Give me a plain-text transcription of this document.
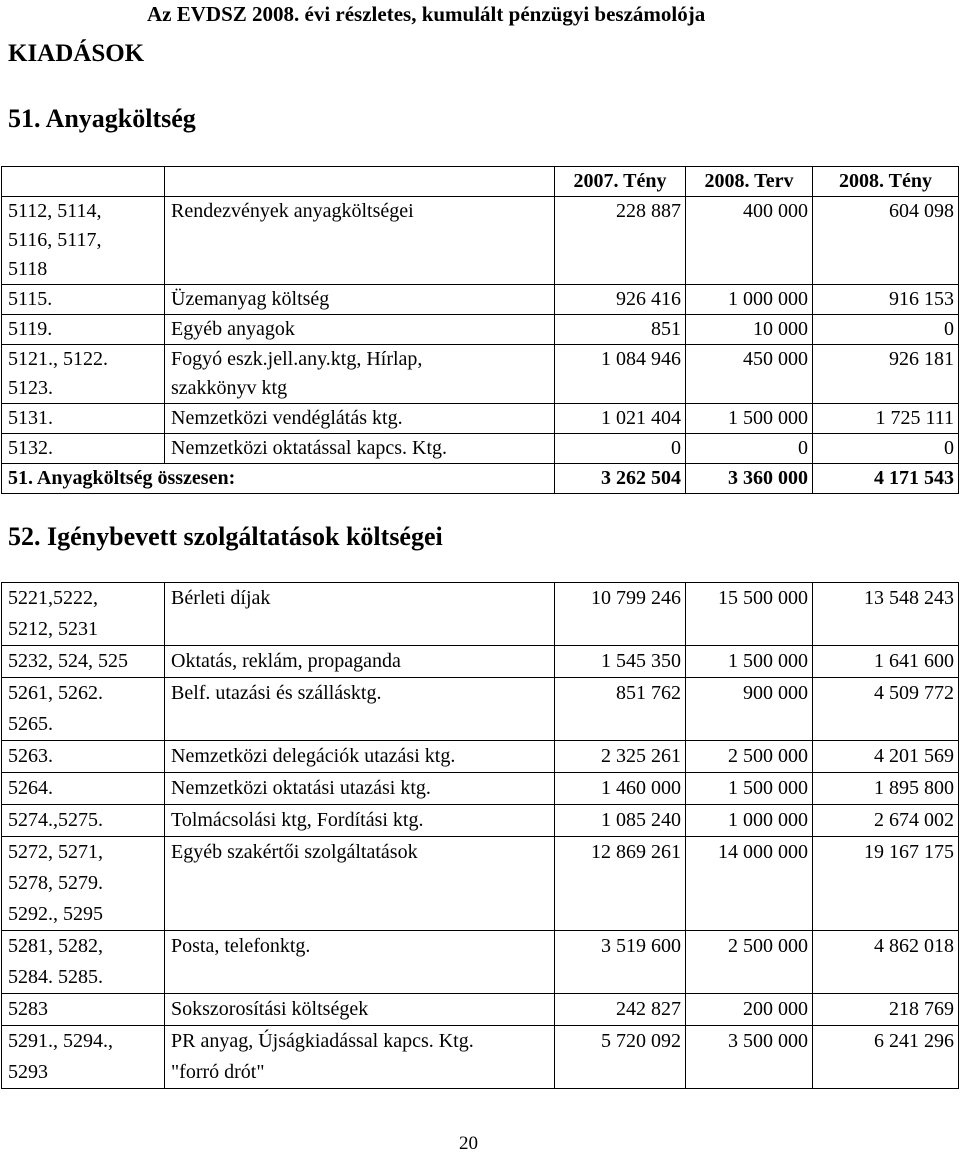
Az EVDSZ 2008. évi részletes, kumulált pénzügyi beszámolója
KIADÁSOK
51. Anyagköltség
		2007. Tény	2008. Terv	2008. Tény

5112, 5114,
5116, 5117,
5118	Rendezvények anyagköltségei	228 887	400 000	604 098

5115.	Üzemanyag költség	926 416	1 000 000	916 153

5119.	Egyéb anyagok	851	10 000	0

5121., 5122.
5123.	Fogyó eszk.jell.any.ktg, Hírlap,
szakkönyv ktg	1 084 946	450 000	926 181

5131.	Nemzetközi vendéglátás ktg.	1 021 404	1 500 000	1 725 111

5132.	Nemzetközi oktatással kapcs. Ktg.	0	0	0
51. Anyagköltség összesen:		3 262 504	3 360 000	4 171 543
52. Igénybevett szolgáltatások költségei
5221,5222,
5212, 5231	Bérleti díjak	10 799 246	15 500 000	13 548 243

5232, 524, 525	Oktatás, reklám, propaganda	1 545 350	1 500 000	1 641 600

5261, 5262.
5265.	Belf. utazási és szállásktg.	851 762	900 000	4 509 772

5263.	Nemzetközi delegációk utazási ktg.	2 325 261	2 500 000	4 201 569

5264.	Nemzetközi oktatási utazási ktg.	1 460 000	1 500 000	1 895 800

5274.,5275.	Tolmácsolási ktg, Fordítási ktg.	1 085 240	1 000 000	2 674 002

5272, 5271,
5278, 5279.
5292., 5295	Egyéb szakértői szolgáltatások	12 869 261	14 000 000	19 167 175

5281, 5282,
5284. 5285.	Posta, telefonktg.	3 519 600	2 500 000	4 862 018

5283	Sokszorosítási költségek	242 827	200 000	218 769

5291., 5294.,
5293	PR anyag, Újságkiadással kapcs. Ktg.
"forró drót"	5 720 092	3 500 000	6 241 296
20
